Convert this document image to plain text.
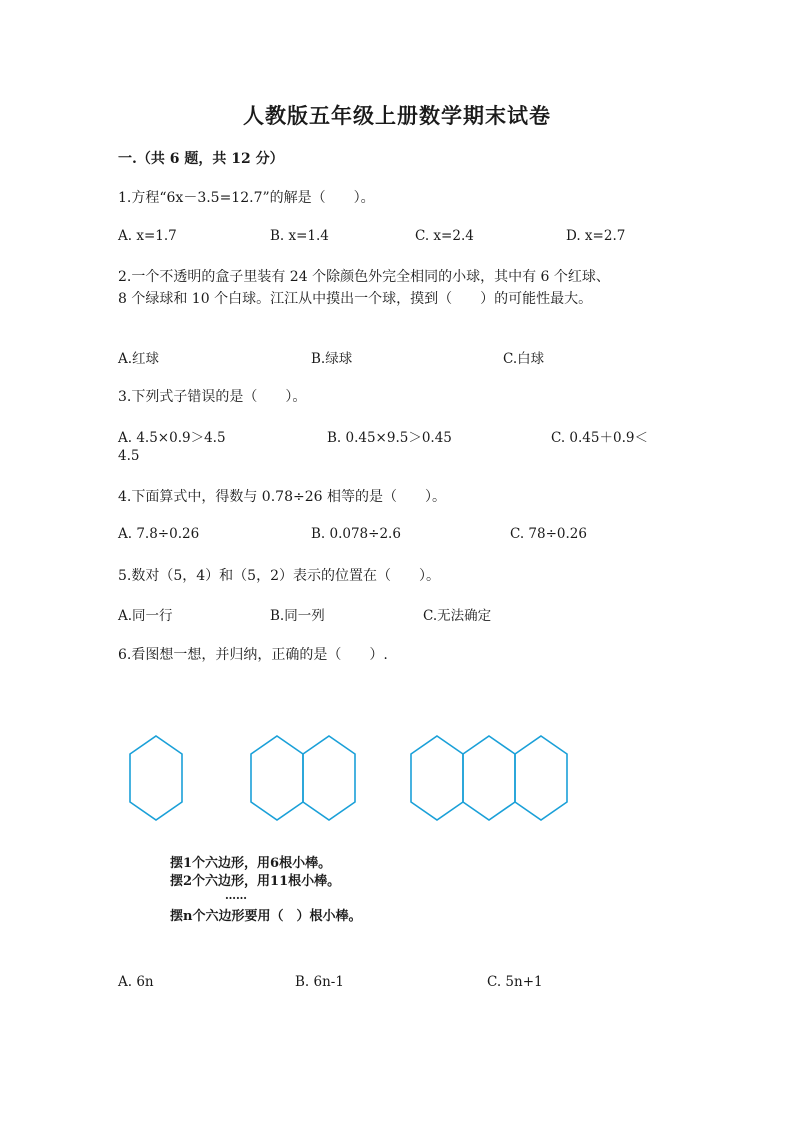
人教版五年级上册数学期末试卷
一.（共 6 题，共 12 分）
1.方程“6x－3.5=12.7”的解是（　　）。
A. x=1.7	B. x=1.4	C. x=2.4	D. x=2.7
2.一个不透明的盒子里装有 24 个除颜色外完全相同的小球，其中有 6 个红球、
8 个绿球和 10 个白球。江江从中摸出一个球，摸到（　　）的可能性最大。
A.红球	B.绿球	C.白球
3.下列式子错误的是（　　）。
A. 4.5×0.9＞4.5	B. 0.45×9.5＞0.45	C. 0.45＋0.9＜
4.5
4.下面算式中，得数与 0.78÷26 相等的是（　　）。
A. 7.8÷0.26	B. 0.078÷2.6	C. 78÷0.26
5.数对（5，4）和（5，2）表示的位置在（　　）。
A.同一行	B.同一列	C.无法确定
6.看图想一想，并归纳，正确的是（　　）.
摆1个六边形，用6根小棒。
摆2个六边形，用11根小棒。
……
摆n个六边形要用（　）根小棒。
A. 6n	B. 6n-1	C. 5n+1
